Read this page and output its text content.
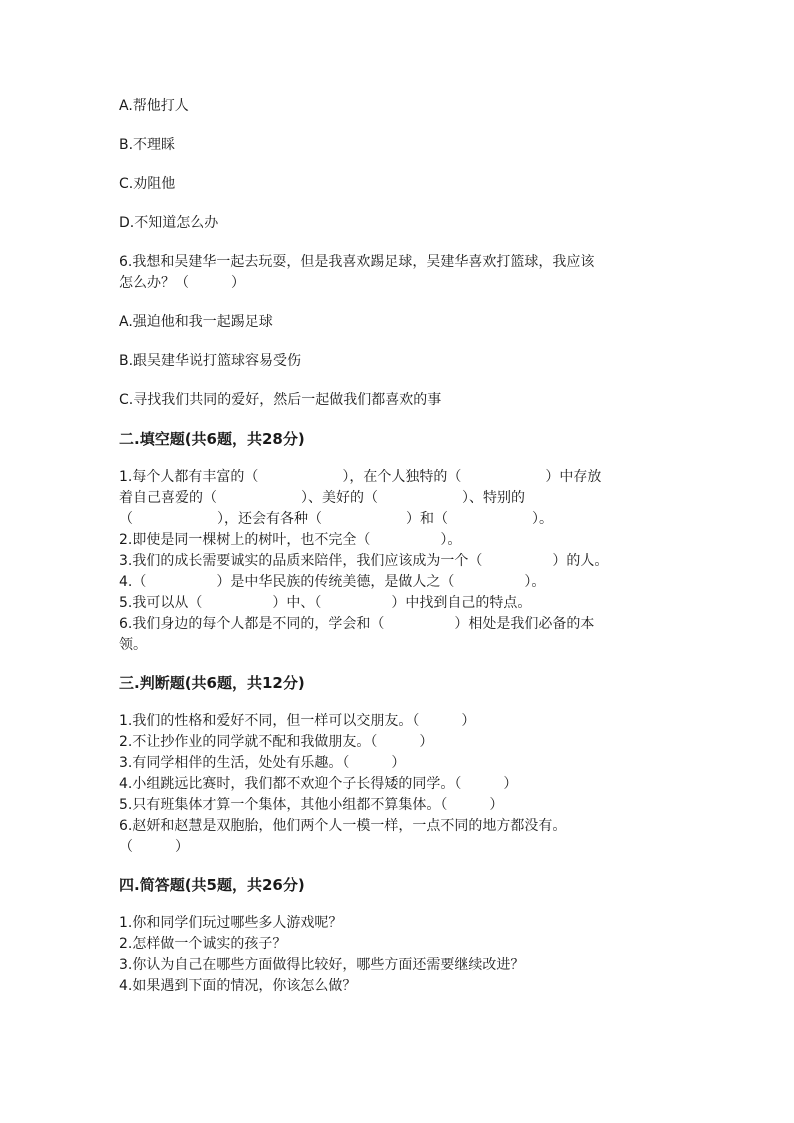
A.帮他打人
B.不理睬
C.劝阻他
D.不知道怎么办
6.我想和吴建华一起去玩耍，但是我喜欢踢足球，吴建华喜欢打篮球，我应该
怎么办？（　　　）
A.强迫他和我一起踢足球
B.跟吴建华说打篮球容易受伤
C.寻找我们共同的爱好，然后一起做我们都喜欢的事
二.填空题(共6题，共28分)
1.每个人都有丰富的（　　　　　　），在个人独特的（　　　　　　）中存放
着自己喜爱的（　　　　　　）、美好的（　　　　　　）、特别的
（　　　　　　），还会有各种（　　　　　　）和（　　　　　　）。
2.即使是同一棵树上的树叶，也不完全（　　　　　）。
3.我们的成长需要诚实的品质来陪伴，我们应该成为一个（　　　　　）的人。
4.（　　　　　）是中华民族的传统美德，是做人之（　　　　　）。
5.我可以从（　　　　　）中、（　　　　　）中找到自己的特点。
6.我们身边的每个人都是不同的，学会和（　　　　　）相处是我们必备的本
领。
三.判断题(共6题，共12分)
1.我们的性格和爱好不同，但一样可以交朋友。（　　　）
2.不让抄作业的同学就不配和我做朋友。（　　　）
3.有同学相伴的生活，处处有乐趣。（　　　）
4.小组跳远比赛时，我们都不欢迎个子长得矮的同学。（　　　）
5.只有班集体才算一个集体，其他小组都不算集体。（　　　）
6.赵妍和赵慧是双胞胎，他们两个人一模一样，一点不同的地方都没有。
（　　　）
四.简答题(共5题，共26分)
1.你和同学们玩过哪些多人游戏呢？
2.怎样做一个诚实的孩子？
3.你认为自己在哪些方面做得比较好，哪些方面还需要继续改进？
4.如果遇到下面的情况，你该怎么做？
